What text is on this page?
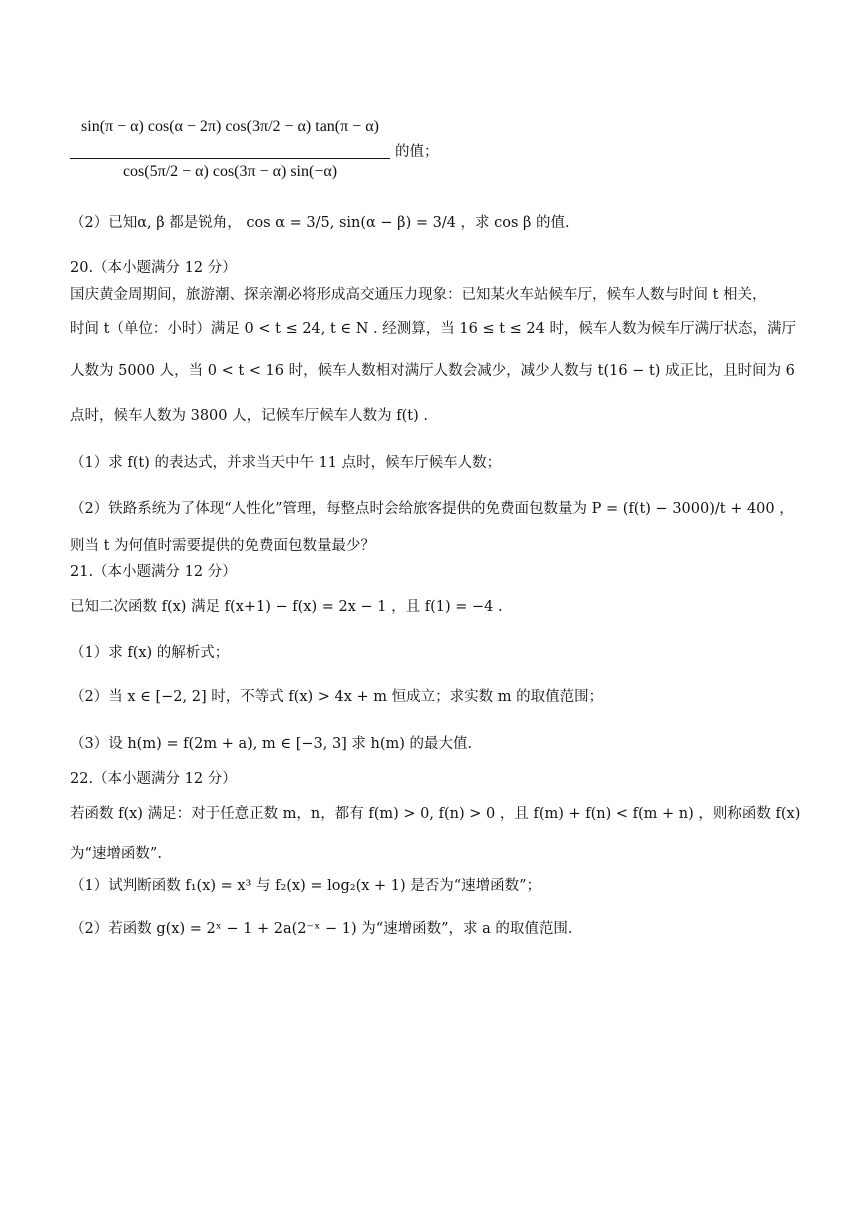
sin(π − α) cos(α − 2π) cos(3π/2 − α) tan(π − α)
cos(5π/2 − α) cos(3π − α) sin(−α)
的值；
（2）已知α, β 都是锐角， cos α = 3/5, sin(α − β) = 3/4 ，求 cos β 的值.
20.（本小题满分 12 分）
国庆黄金周期间，旅游潮、探亲潮必将形成高交通压力现象：已知某火车站候车厅，候车人数与时间 t 相关，
时间 t（单位：小时）满足 0 < t ≤ 24, t ∈ N . 经测算，当 16 ≤ t ≤ 24 时，候车人数为候车厅满厅状态，满厅
人数为 5000 人，当 0 < t < 16 时，候车人数相对满厅人数会减少，减少人数与 t(16 − t) 成正比，且时间为 6
点时，候车人数为 3800 人，记候车厅候车人数为 f(t) .
（1）求 f(t) 的表达式，并求当天中午 11 点时，候车厅候车人数；
（2）铁路系统为了体现“人性化”管理，每整点时会给旅客提供的免费面包数量为 P = (f(t) − 3000)/t + 400 ，
则当 t 为何值时需要提供的免费面包数量最少？
21.（本小题满分 12 分）
已知二次函数 f(x) 满足 f(x+1) − f(x) = 2x − 1 ，且 f(1) = −4 .
（1）求 f(x) 的解析式；
（2）当 x ∈ [−2, 2] 时，不等式 f(x) > 4x + m 恒成立；求实数 m 的取值范围；
（3）设 h(m) = f(2m + a), m ∈ [−3, 3] 求 h(m) 的最大值.
22.（本小题满分 12 分）
若函数 f(x) 满足：对于任意正数 m，n，都有 f(m) > 0, f(n) > 0 ，且 f(m) + f(n) < f(m + n) ，则称函数 f(x)
为“速增函数”.
（1）试判断函数 f₁(x) = x³ 与 f₂(x) = log₂(x + 1) 是否为“速增函数”；
（2）若函数 g(x) = 2ˣ − 1 + 2a(2⁻ˣ − 1) 为“速增函数”，求 a 的取值范围.
